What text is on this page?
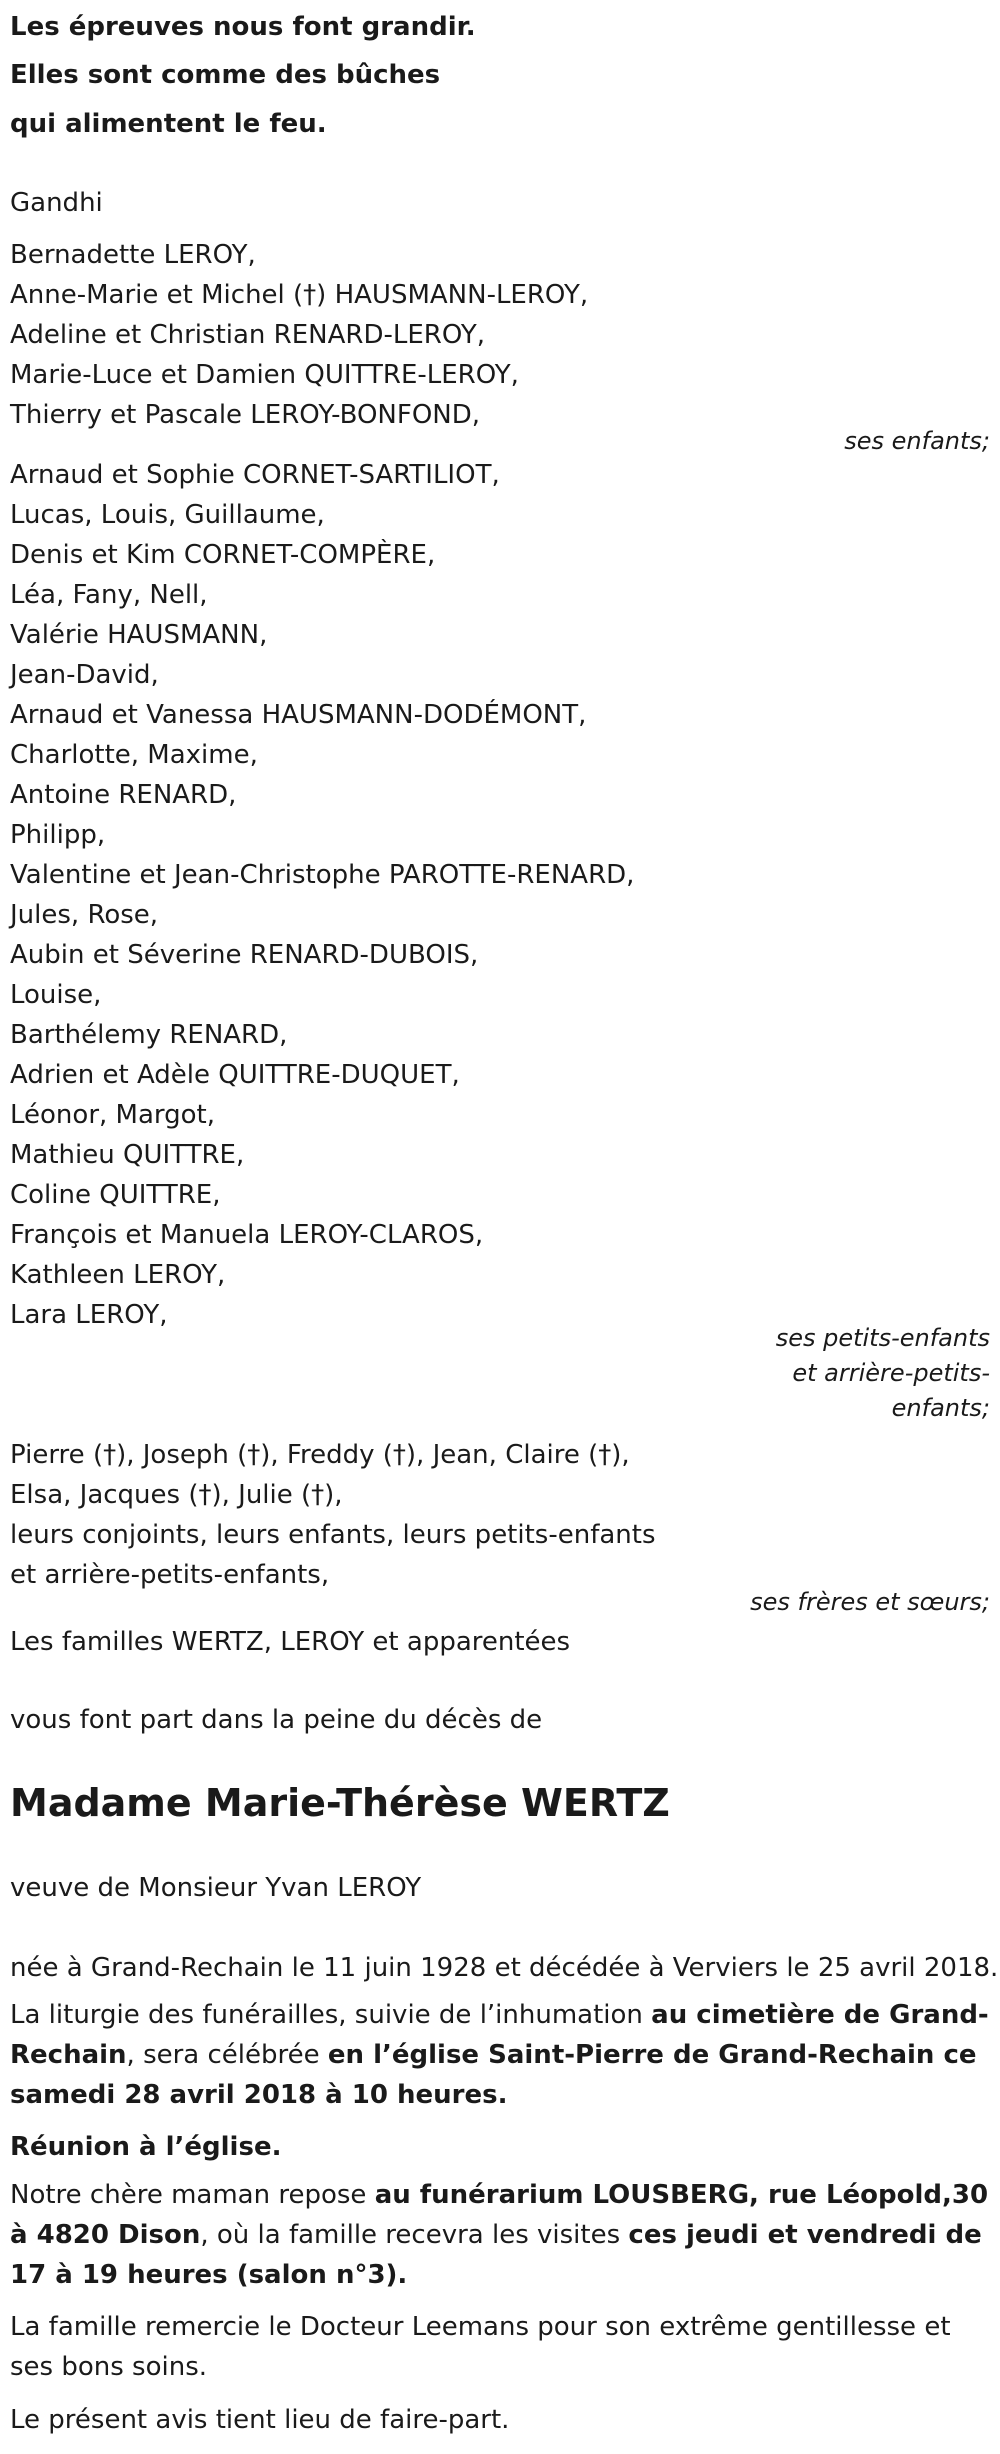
Les épreuves nous font grandir.
Elles sont comme des bûches
qui alimentent le feu.
Gandhi
Bernadette LEROY,
Anne-Marie et Michel (†) HAUSMANN-LEROY,
Adeline et Christian RENARD-LEROY,
Marie-Luce et Damien QUITTRE-LEROY,
Thierry et Pascale LEROY-BONFOND,
ses enfants;
Arnaud et Sophie CORNET-SARTILIOT,
Lucas, Louis, Guillaume,
Denis et Kim CORNET-COMPÈRE,
Léa, Fany, Nell,
Valérie HAUSMANN,
Jean-David,
Arnaud et Vanessa HAUSMANN-DODÉMONT,
Charlotte, Maxime,
Antoine RENARD,
Philipp,
Valentine et Jean-Christophe PAROTTE-RENARD,
Jules, Rose,
Aubin et Séverine RENARD-DUBOIS,
Louise,
Barthélemy RENARD,
Adrien et Adèle QUITTRE-DUQUET,
Léonor, Margot,
Mathieu QUITTRE,
Coline QUITTRE,
François et Manuela LEROY-CLAROS,
Kathleen LEROY,
Lara LEROY,
ses petits-enfants
et arrière-petits-
enfants;
Pierre (†), Joseph (†), Freddy (†), Jean, Claire (†),
Elsa, Jacques (†), Julie (†),
leurs conjoints, leurs enfants, leurs petits-enfants
et arrière-petits-enfants,
ses frères et sœurs;
Les familles WERTZ, LEROY et apparentées
vous font part dans la peine du décès de
Madame Marie-Thérèse WERTZ
veuve de Monsieur Yvan LEROY
née à Grand-Rechain le 11 juin 1928 et décédée à Verviers le 25 avril 2018.
La liturgie des funérailles, suivie de l’inhumation au cimetière de Grand-Rechain, sera célébrée en l’église Saint-Pierre de Grand-Rechain ce samedi 28 avril 2018 à 10 heures.
Réunion à l’église.
Notre chère maman repose au funérarium LOUSBERG, rue Léopold,30 à 4820 Dison, où la famille recevra les visites ces jeudi et vendredi de 17 à 19 heures (salon n°3).
La famille remercie le Docteur Leemans pour son extrême gentillesse et ses bons soins.
Le présent avis tient lieu de faire-part.
